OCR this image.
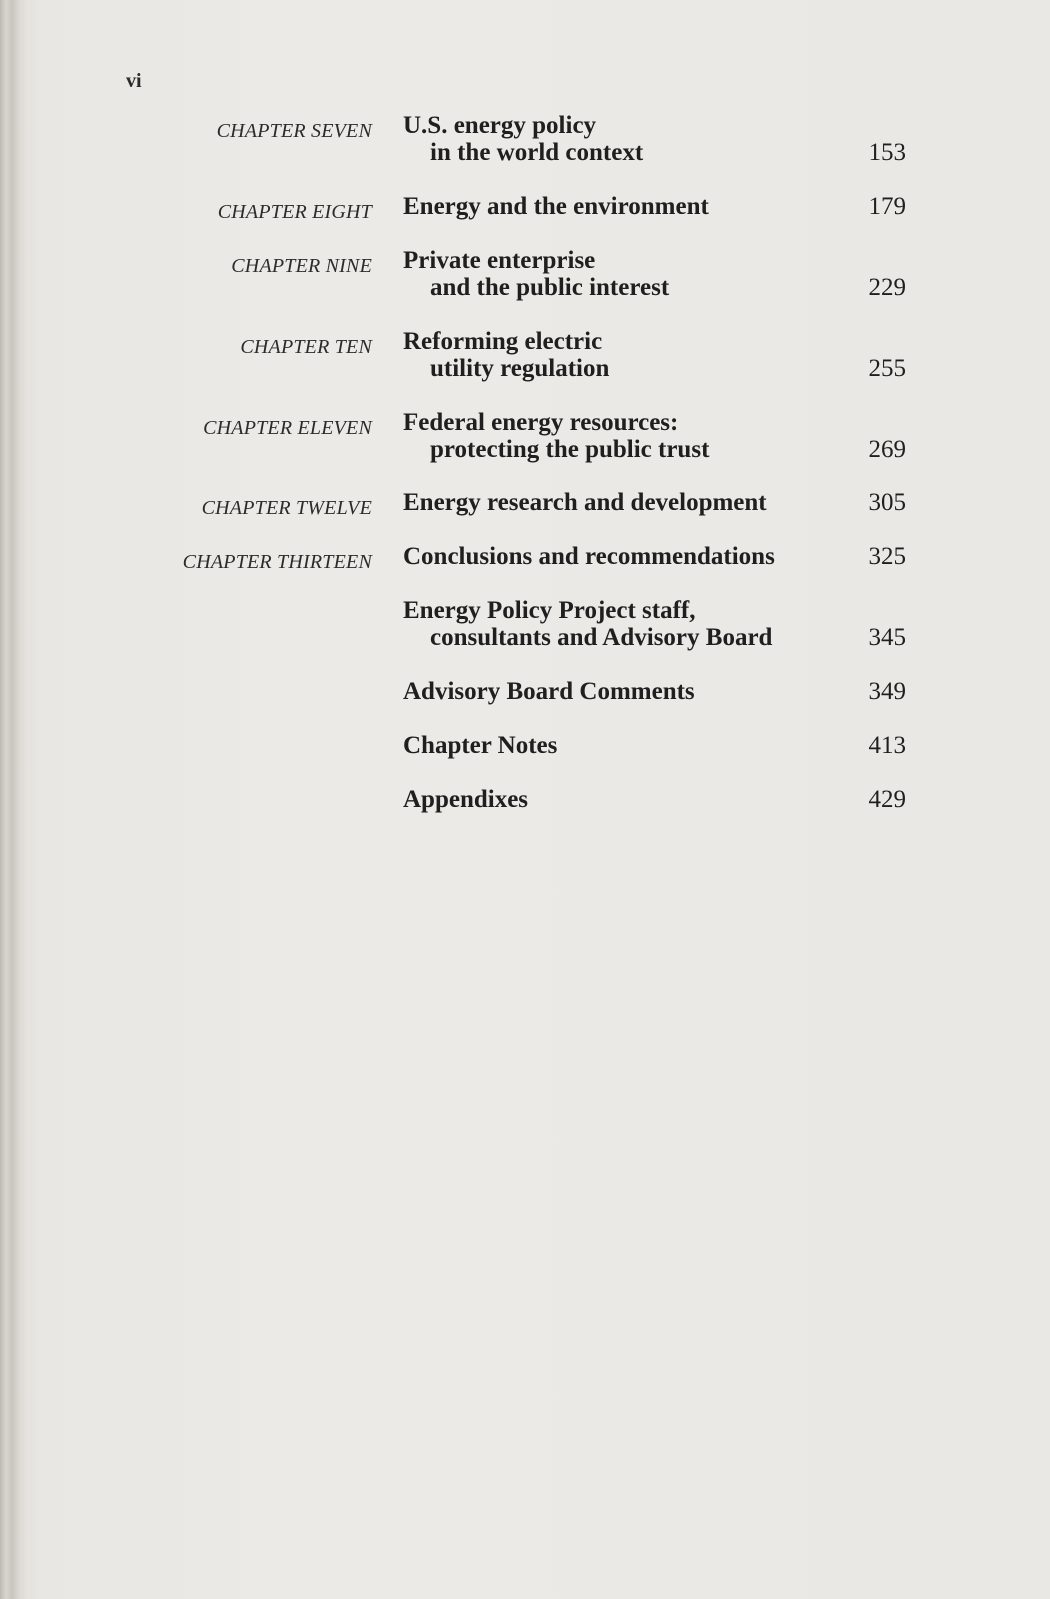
vi
CHAPTER SEVEN U.S. energy policy
in the world context	153
CHAPTER EIGHT Energy and the environment	179
CHAPTER NINE Private enterprise
and the public interest	229
CHAPTER TEN Reforming electric
utility regulation	255
CHAPTER ELEVEN Federal energy resources:
protecting the public trust	269
CHAPTER TWELVE Energy research and development	305
CHAPTER THIRTEEN Conclusions and recommendations	325
Energy Policy Project staff,
consultants and Advisory Board	345
Advisory Board Comments	349
Chapter Notes	413
Appendixes	429
